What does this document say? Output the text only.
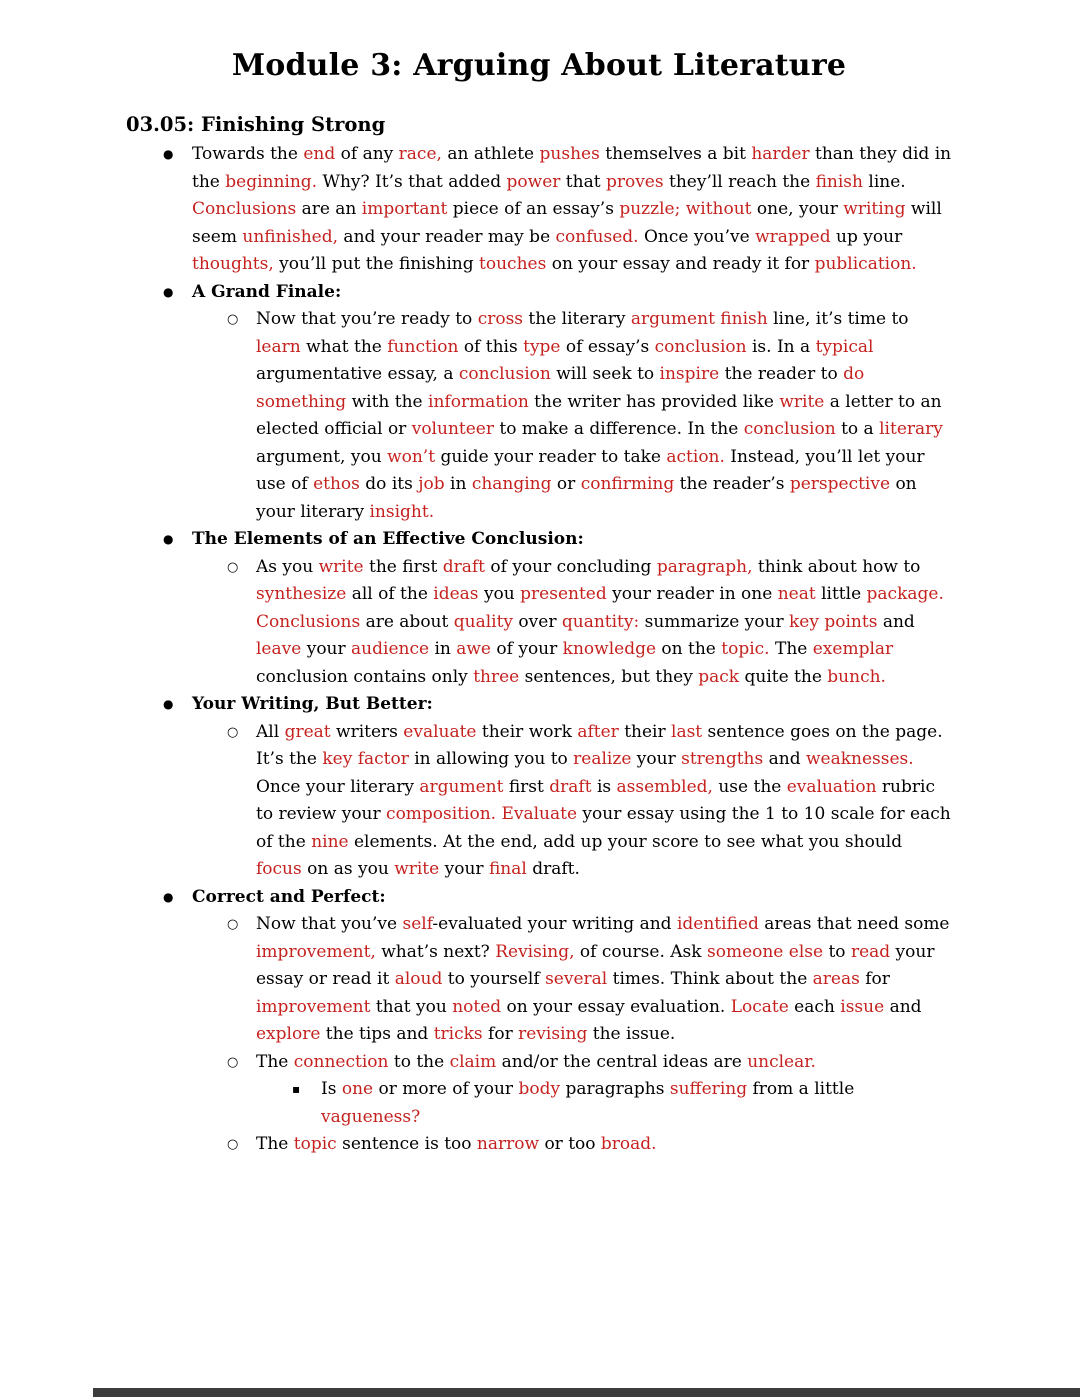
Module 3: Arguing About Literature
03.05: Finishing Strong
●	Towards the end of any race, an athlete pushes themselves a bit harder than they did in the beginning. Why? It’s that added power that proves they’ll reach the finish line. Conclusions are an important piece of an essay’s puzzle; without one, your writing will seem unfinished, and your reader may be confused. Once you’ve wrapped up your thoughts, you’ll put the finishing touches on your essay and ready it for publication.
●	A Grand Finale:
○	Now that you’re ready to cross the literary argument finish line, it’s time to learn what the function of this type of essay’s conclusion is. In a typical argumentative essay, a conclusion will seek to inspire the reader to do something with the information the writer has provided like write a letter to an elected official or volunteer to make a difference. In the conclusion to a literary argument, you won’t guide your reader to take action. Instead, you’ll let your use of ethos do its job in changing or confirming the reader’s perspective on your literary insight.
●	The Elements of an Effective Conclusion:
○	As you write the first draft of your concluding paragraph, think about how to synthesize all of the ideas you presented your reader in one neat little package. Conclusions are about quality over quantity: summarize your key points and leave your audience in awe of your knowledge on the topic. The exemplar conclusion contains only three sentences, but they pack quite the bunch.
●	Your Writing, But Better:
○	All great writers evaluate their work after their last sentence goes on the page. It’s the key factor in allowing you to realize your strengths and weaknesses. Once your literary argument first draft is assembled, use the evaluation rubric to review your composition. Evaluate your essay using the 1 to 10 scale for each of the nine elements. At the end, add up your score to see what you should focus on as you write your final draft.
●	Correct and Perfect:
○	Now that you’ve self-evaluated your writing and identified areas that need some improvement, what’s next? Revising, of course. Ask someone else to read your essay or read it aloud to yourself several times. Think about the areas for improvement that you noted on your essay evaluation. Locate each issue and explore the tips and tricks for revising the issue.
○	The connection to the claim and/or the central ideas are unclear.
▪	Is one or more of your body paragraphs suffering from a little vagueness?
○	The topic sentence is too narrow or too broad.
